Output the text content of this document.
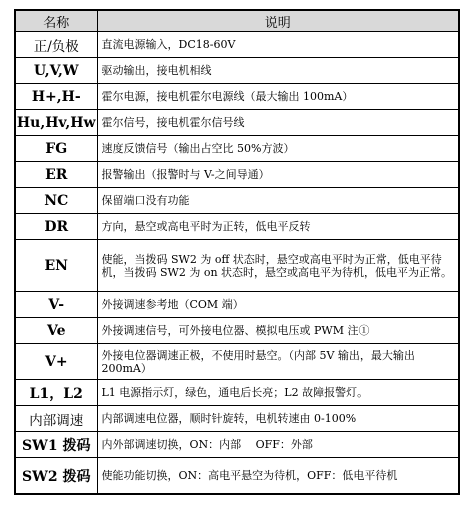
名称	说明
正/负极	直流电源输入，DC18-60V
U,V,W	驱动输出，接电机相线
H+,H-	霍尔电源，接电机霍尔电源线（最大输出 100mA）
Hu,Hv,Hw	霍尔信号，接电机霍尔信号线
FG	速度反馈信号（输出占空比 50%方波）
ER	报警输出（报警时与 V-之间导通）
NC	保留端口没有功能
DR	方向，悬空或高电平时为正转，低电平反转
EN	使能，当拨码 SW2 为 off 状态时，悬空或高电平时为正常，低电平待机，当拨码 SW2 为 on 状态时，悬空或高电平为待机，低电平为正常。
V-	外接调速参考地（COM 端）
Ve	外接调速信号，可外接电位器、模拟电压或 PWM 注①
V+	外接电位器调速正极，不使用时悬空。（内部 5V 输出，最大输出 200mA）
L1，L2	L1 电源指示灯，绿色，通电后长亮；L2 故障报警灯。
内部调速	内部调速电位器，顺时针旋转，电机转速由 0-100%
SW1 拨码	内外部调速切换，ON：内部　 OFF：外部
SW2 拨码	使能功能切换，ON：高电平悬空为待机，OFF：低电平待机
